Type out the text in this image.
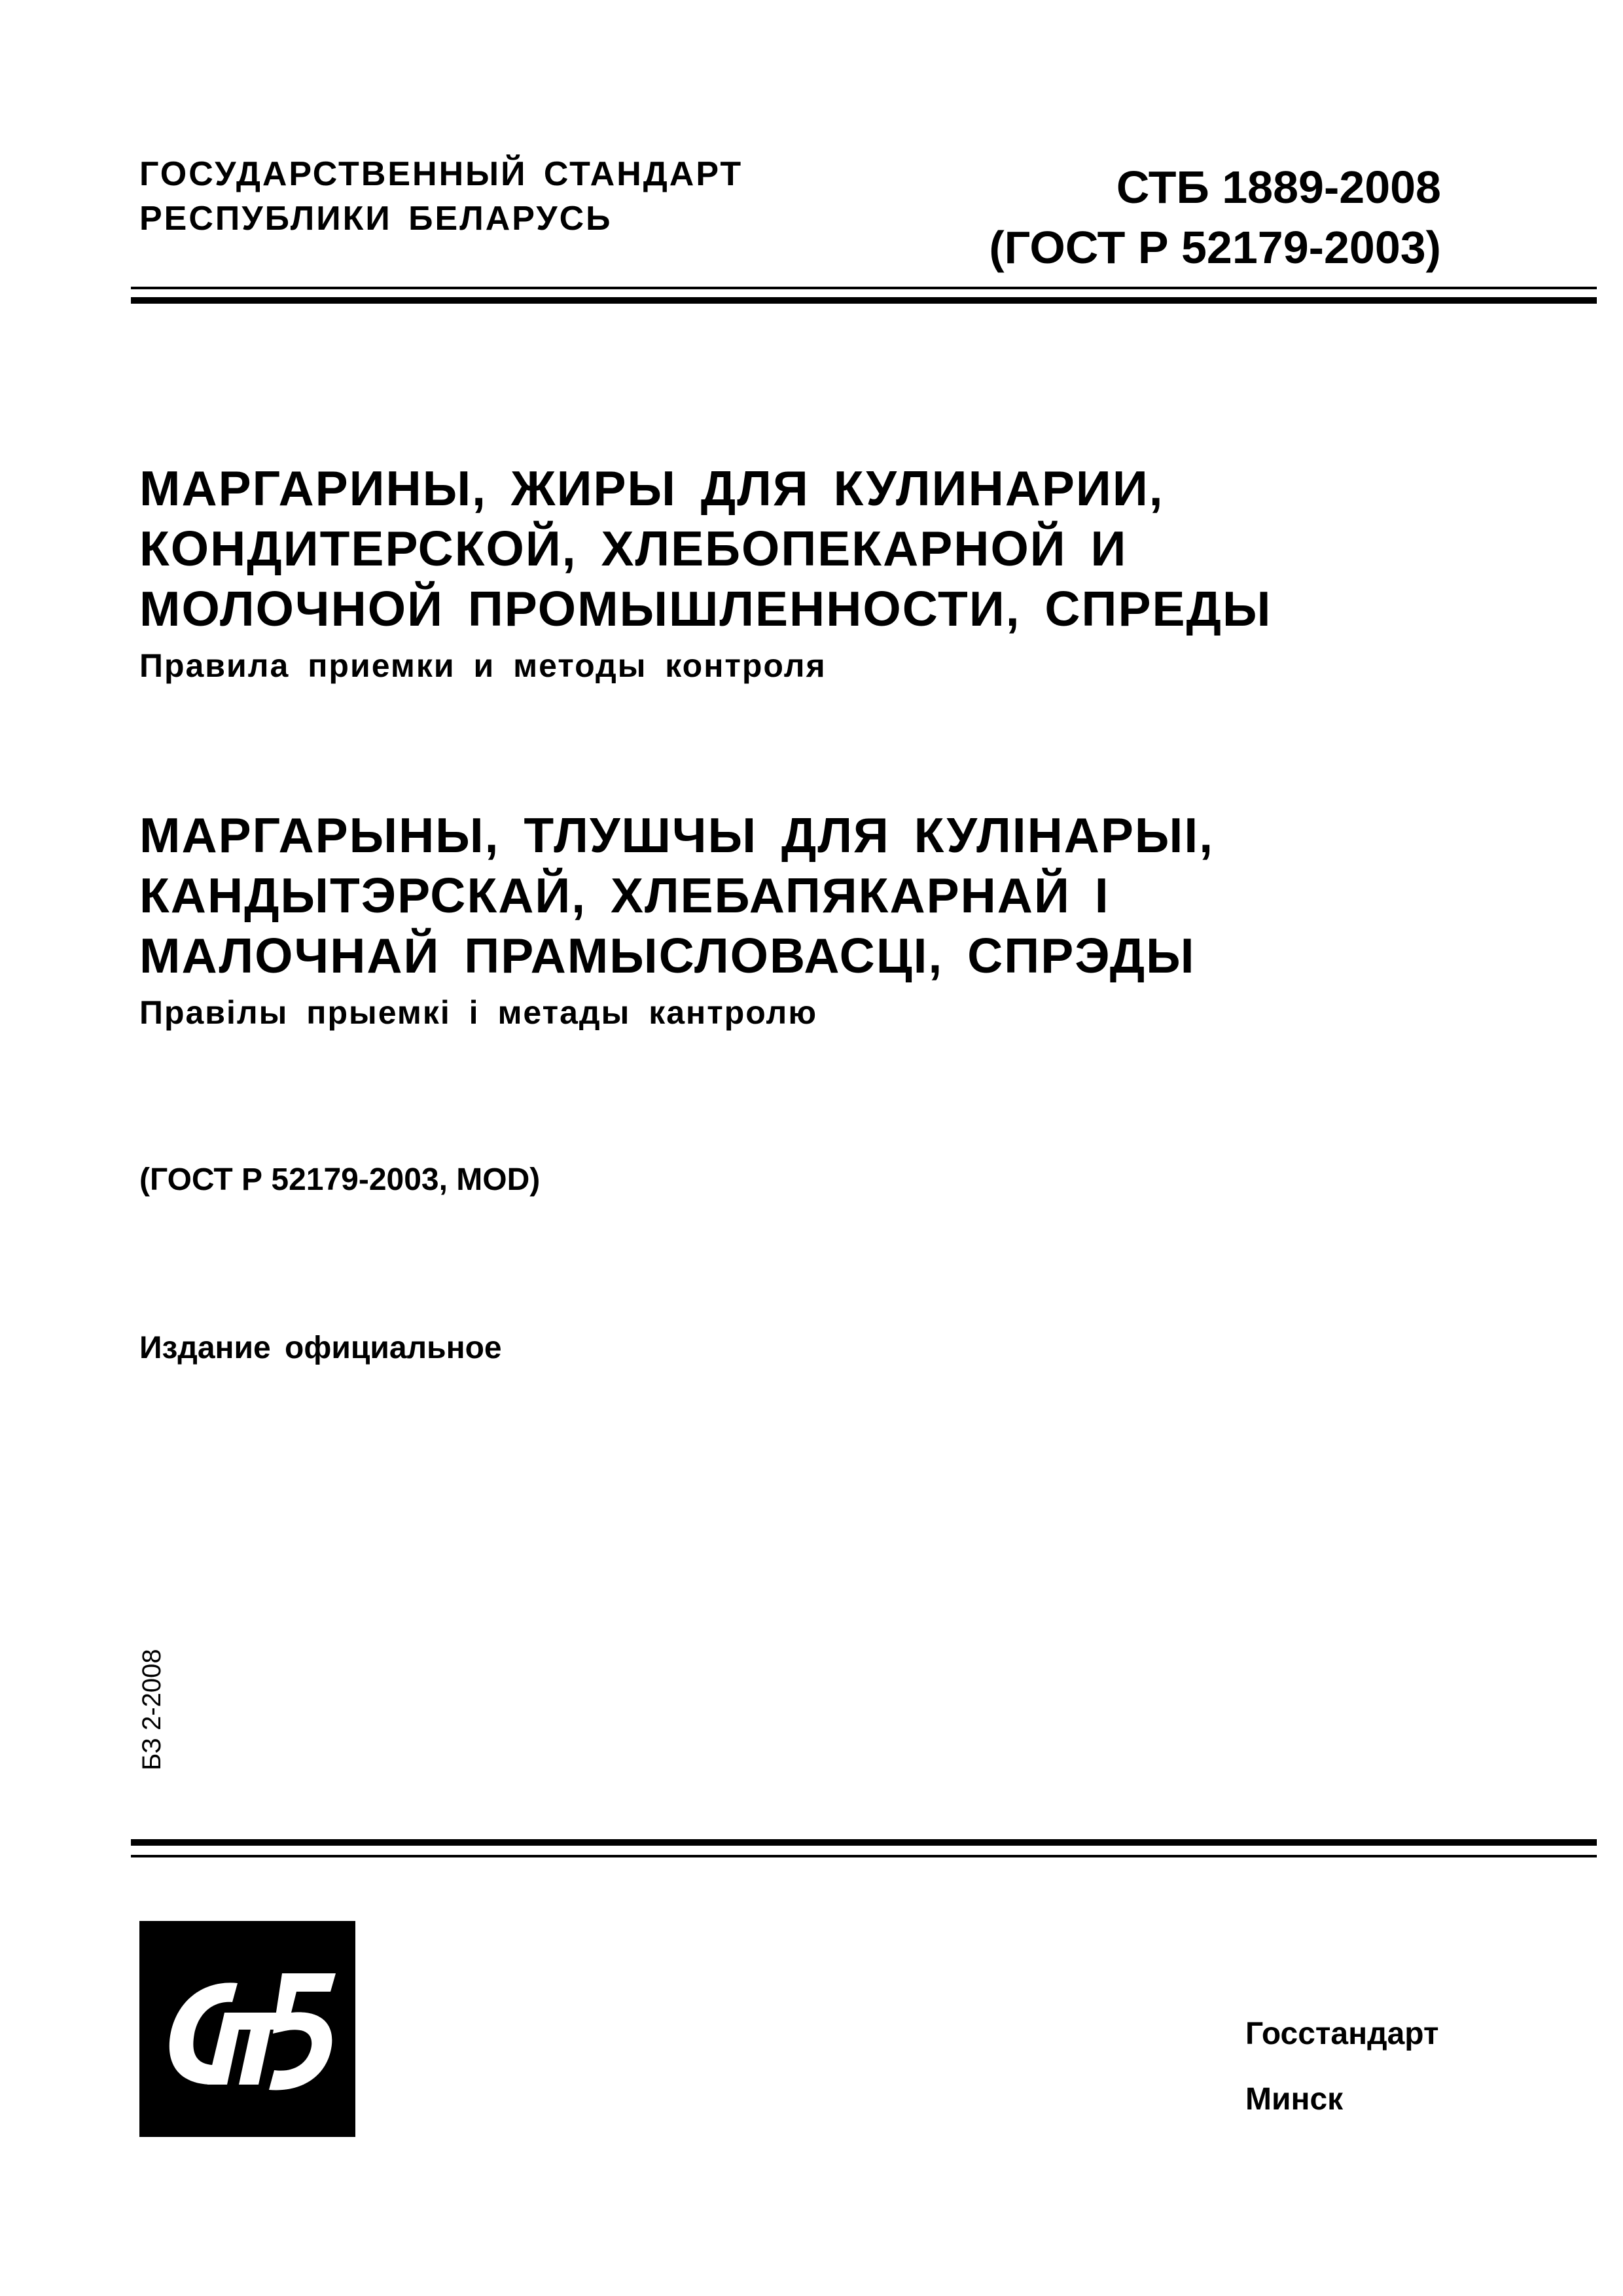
ГОСУДАРСТВЕННЫЙ СТАНДАРТ
РЕСПУБЛИКИ БЕЛАРУСЬ
СТБ 1889-2008
(ГОСТ Р 52179-2003)

МАРГАРИНЫ, ЖИРЫ ДЛЯ КУЛИНАРИИ,

КОНДИТЕРСКОЙ, ХЛЕБОПЕКАРНОЙ И

МОЛОЧНОЙ ПРОМЫШЛЕННОСТИ, СПРЕДЫ

Правила приемки и методы контроля

МАРГАРЫНЫ, ТЛУШЧЫ ДЛЯ КУЛІНАРЫІ,

КАНДЫТЭРСКАЙ, ХЛЕБАПЯКАРНАЙ І

МАЛОЧНАЙ ПРАМЫСЛОВАСЦІ, СПРЭДЫ

Правілы прыемкі і метады кантролю

(ГОСТ Р 52179-2003, MOD)
Издание официальное
БЗ 2-2008
Госстандарт
Минск
